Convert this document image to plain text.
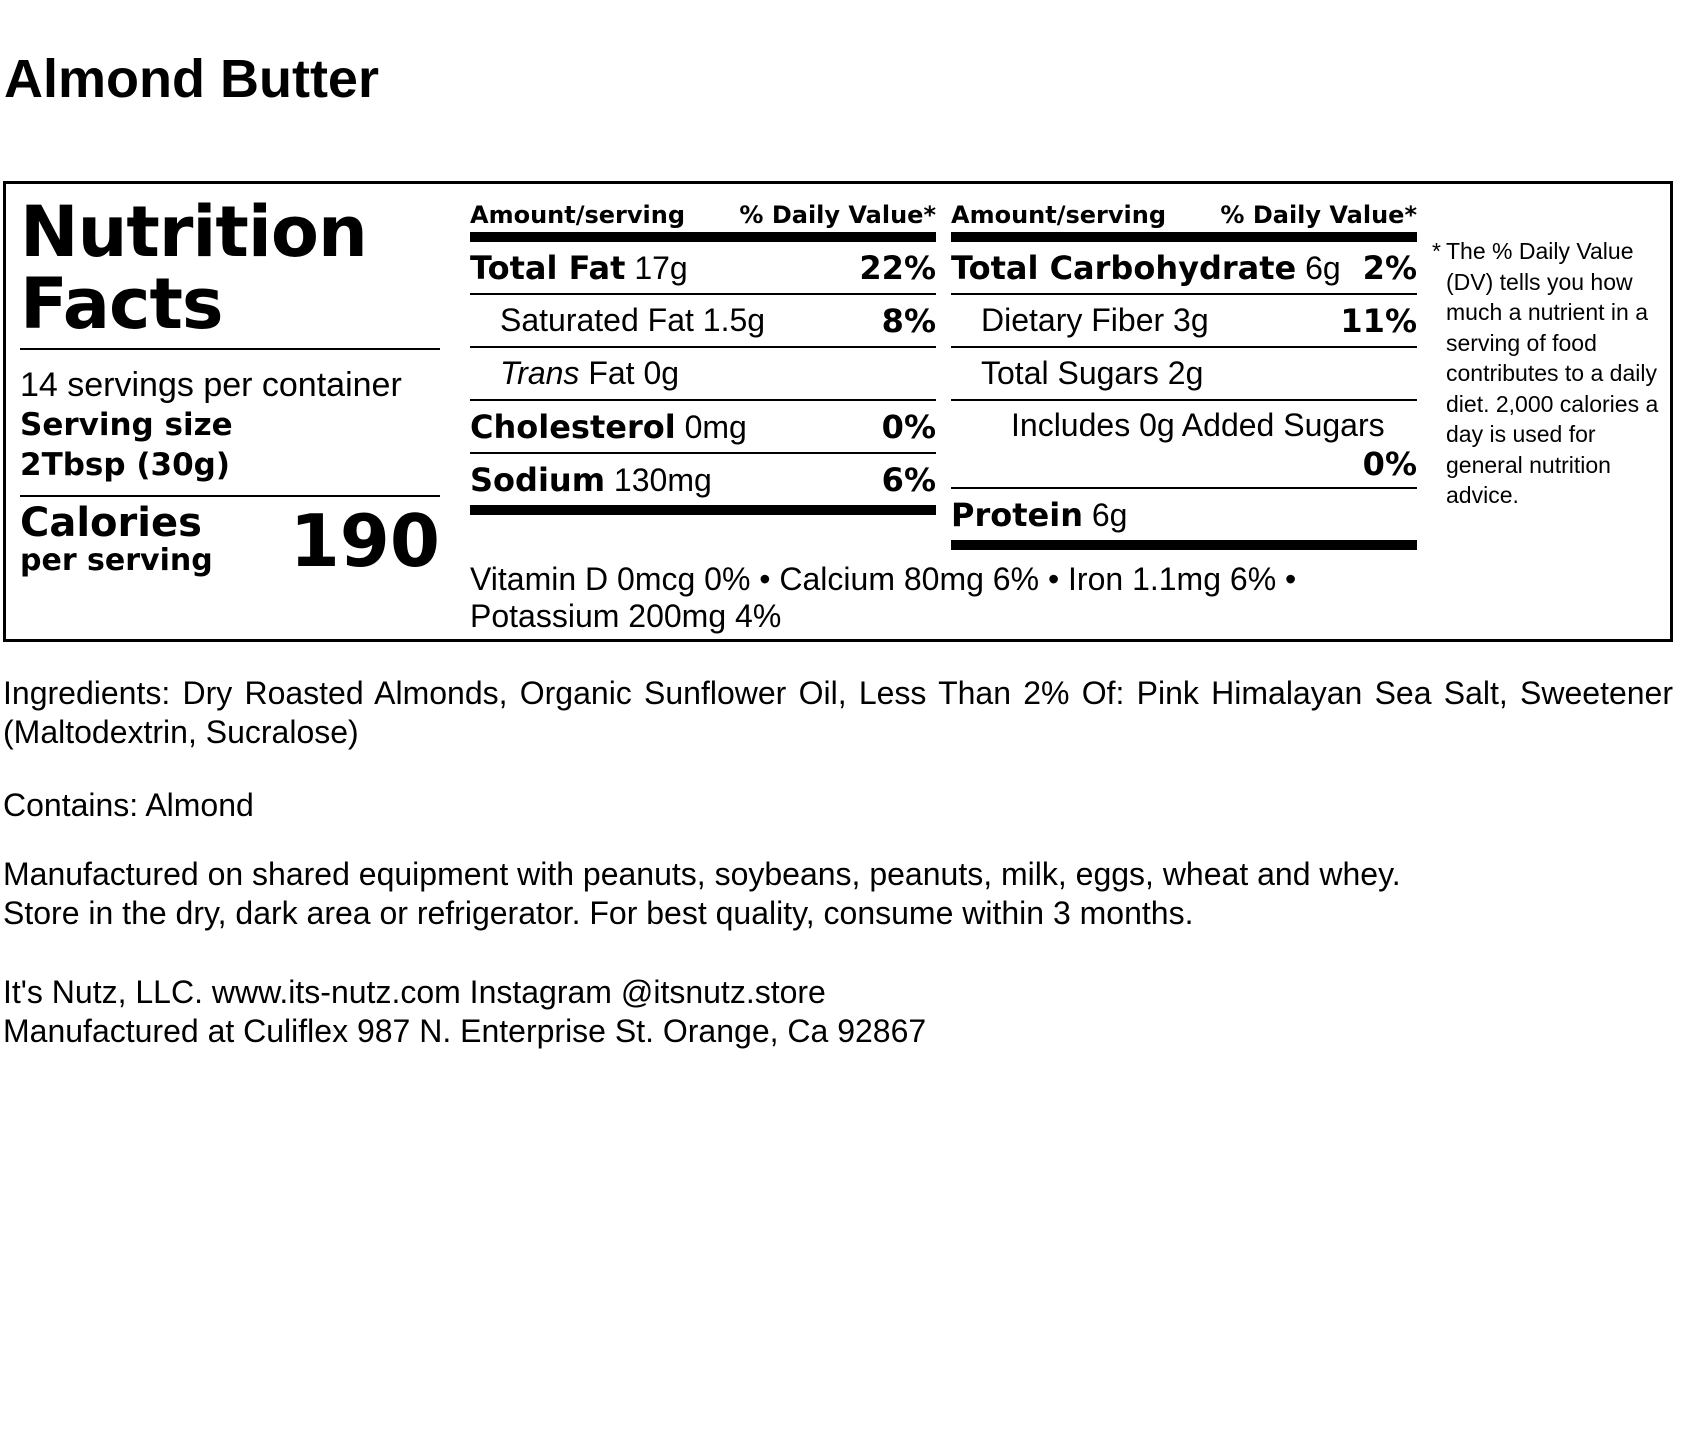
Almond Butter
Nutrition
Facts
14 servings per container
Serving size
2Tbsp (30g)
Calories
per serving 190
Amount/serving % Daily Value*
Total Fat 17g	22%
Saturated Fat 1.5g	8%
Trans Fat 0g
Cholesterol 0mg	0%
Sodium 130mg	6%
Amount/serving % Daily Value*
Total Carbohydrate 6g 2%
Dietary Fiber 3g	11%
Total Sugars 2g
Includes 0g Added Sugars
0%
Protein 6g
Vitamin D 0mcg 0% • Calcium 80mg 6% • Iron 1.1mg 6% •
Potassium 200mg 4%
* The % Daily Value (DV) tells you how much a nutrient in a serving of food contributes to a daily diet. 2,000 calories a day is used for general nutrition advice.

Ingredients: Dry Roasted Almonds, Organic Sunflower Oil, Less Than 2% Of: Pink Himalayan Sea Salt, Sweetener (Maltodextrin, Sucralose)

Contains: Almond

Manufactured on shared equipment with peanuts, soybeans, peanuts, milk, eggs, wheat and whey.

Store in the dry, dark area or refrigerator. For best quality, consume within 3 months.

It's Nutz, LLC. www.its-nutz.com Instagram @itsnutz.store

Manufactured at Culiflex 987 N. Enterprise St. Orange, Ca 92867
